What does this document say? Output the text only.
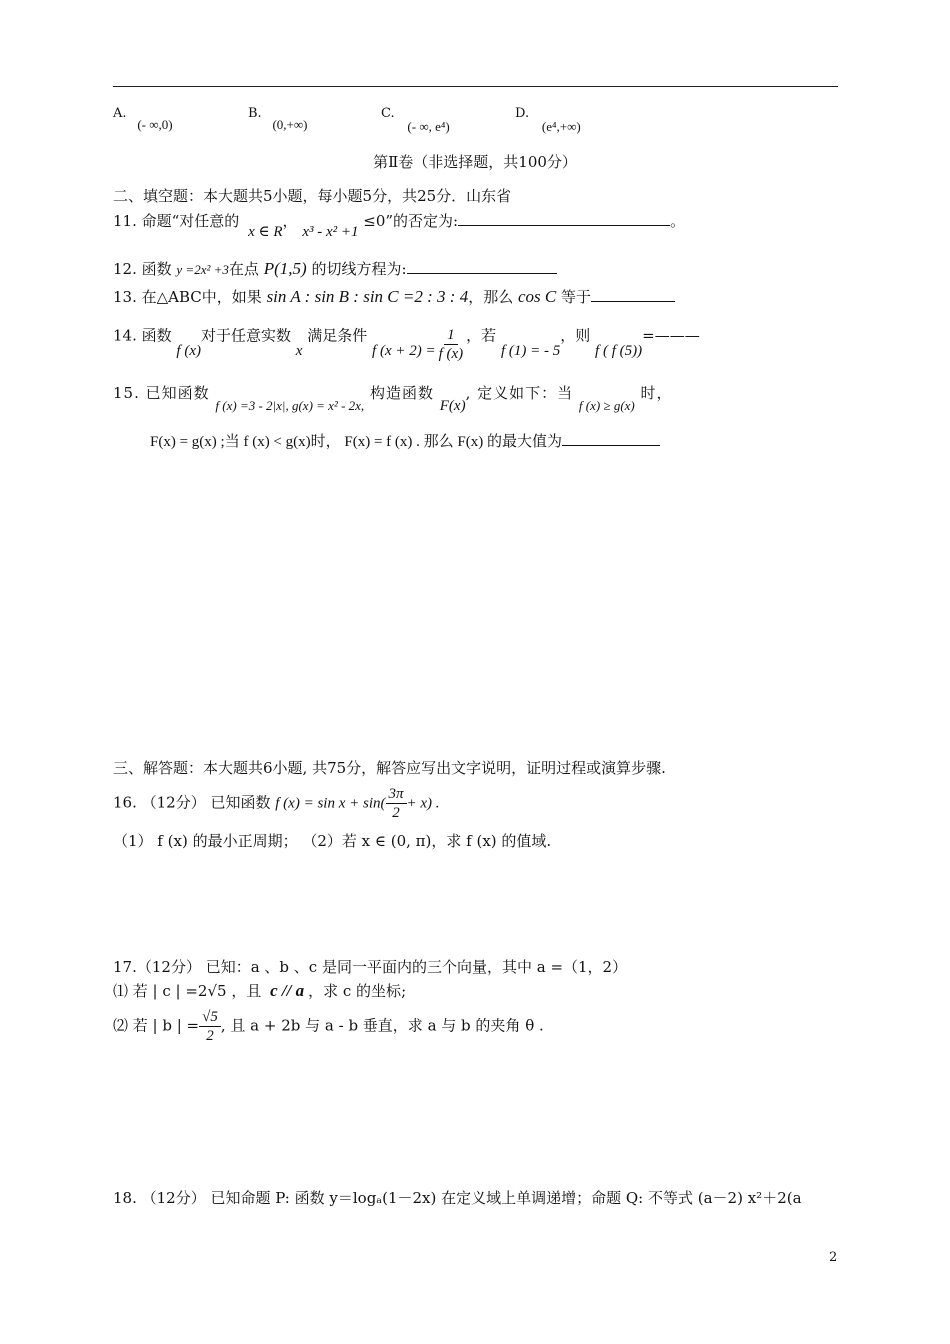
A. (- ∞,0)
B. (0,+∞)
C. (- ∞, e⁴)
D. (e⁴,+∞)
第Ⅱ卷（非选择题，共100分）
二、填空题：本大题共5小题，每小题5分，共25分．山东省
11. 命题“对任意的 x ∈ R， x³ - x² +1 ≤0”的否定为:	。
12. 函数 y =2x² +3在点 P(1,5) 的切线方程为:
13. 在△ABC中，如果 sin A : sin B : sin C =2 : 3 : 4，那么 cos C 等于
14. 函数 f (x)对于任意实数 x 满足条件 f $(x + 2) = \frac{1}{f (x)}$ ，若 f (1) = - 5，则 f ( f (5))=———
15. 已知函数 f (x) =3 - 2|x|, g(x) = x² - 2x, 构造函数 F(x), 定义如下：当 f (x) ≥ g(x) 时，
F(x) = g(x) ;当 f (x) < g(x)时， F(x) = f (x) . 那么 F(x) 的最大值为
三、解答题：本大题共6小题, 共75分，解答应写出文字说明，证明过程或演算步骤.
16. （12分） 已知函数 f $(x) = \sin x + \sin( \frac{3\pi}{2} + x)$ .
（1） f (x) 的最小正周期； （2）若 x ∈ (0, π)，求 f (x) 的值域.
17.（12分） 已知：a 、b 、c 是同一平面内的三个向量，其中 a =（1，2）
⑴ 若 | c | =2√5 ，且 c // a ，求 c 的坐标;
⑵ 若 | b | = $\frac{√5}{2}$ , 且 a + 2b 与 a - b 垂直，求 a 与 b 的夹角 θ .
18. （12分） 已知命题 P: 函数 y＝logₐ(1－2x) 在定义域上单调递增；命题 Q: 不等式 (a－2) x²＋2(a
2
